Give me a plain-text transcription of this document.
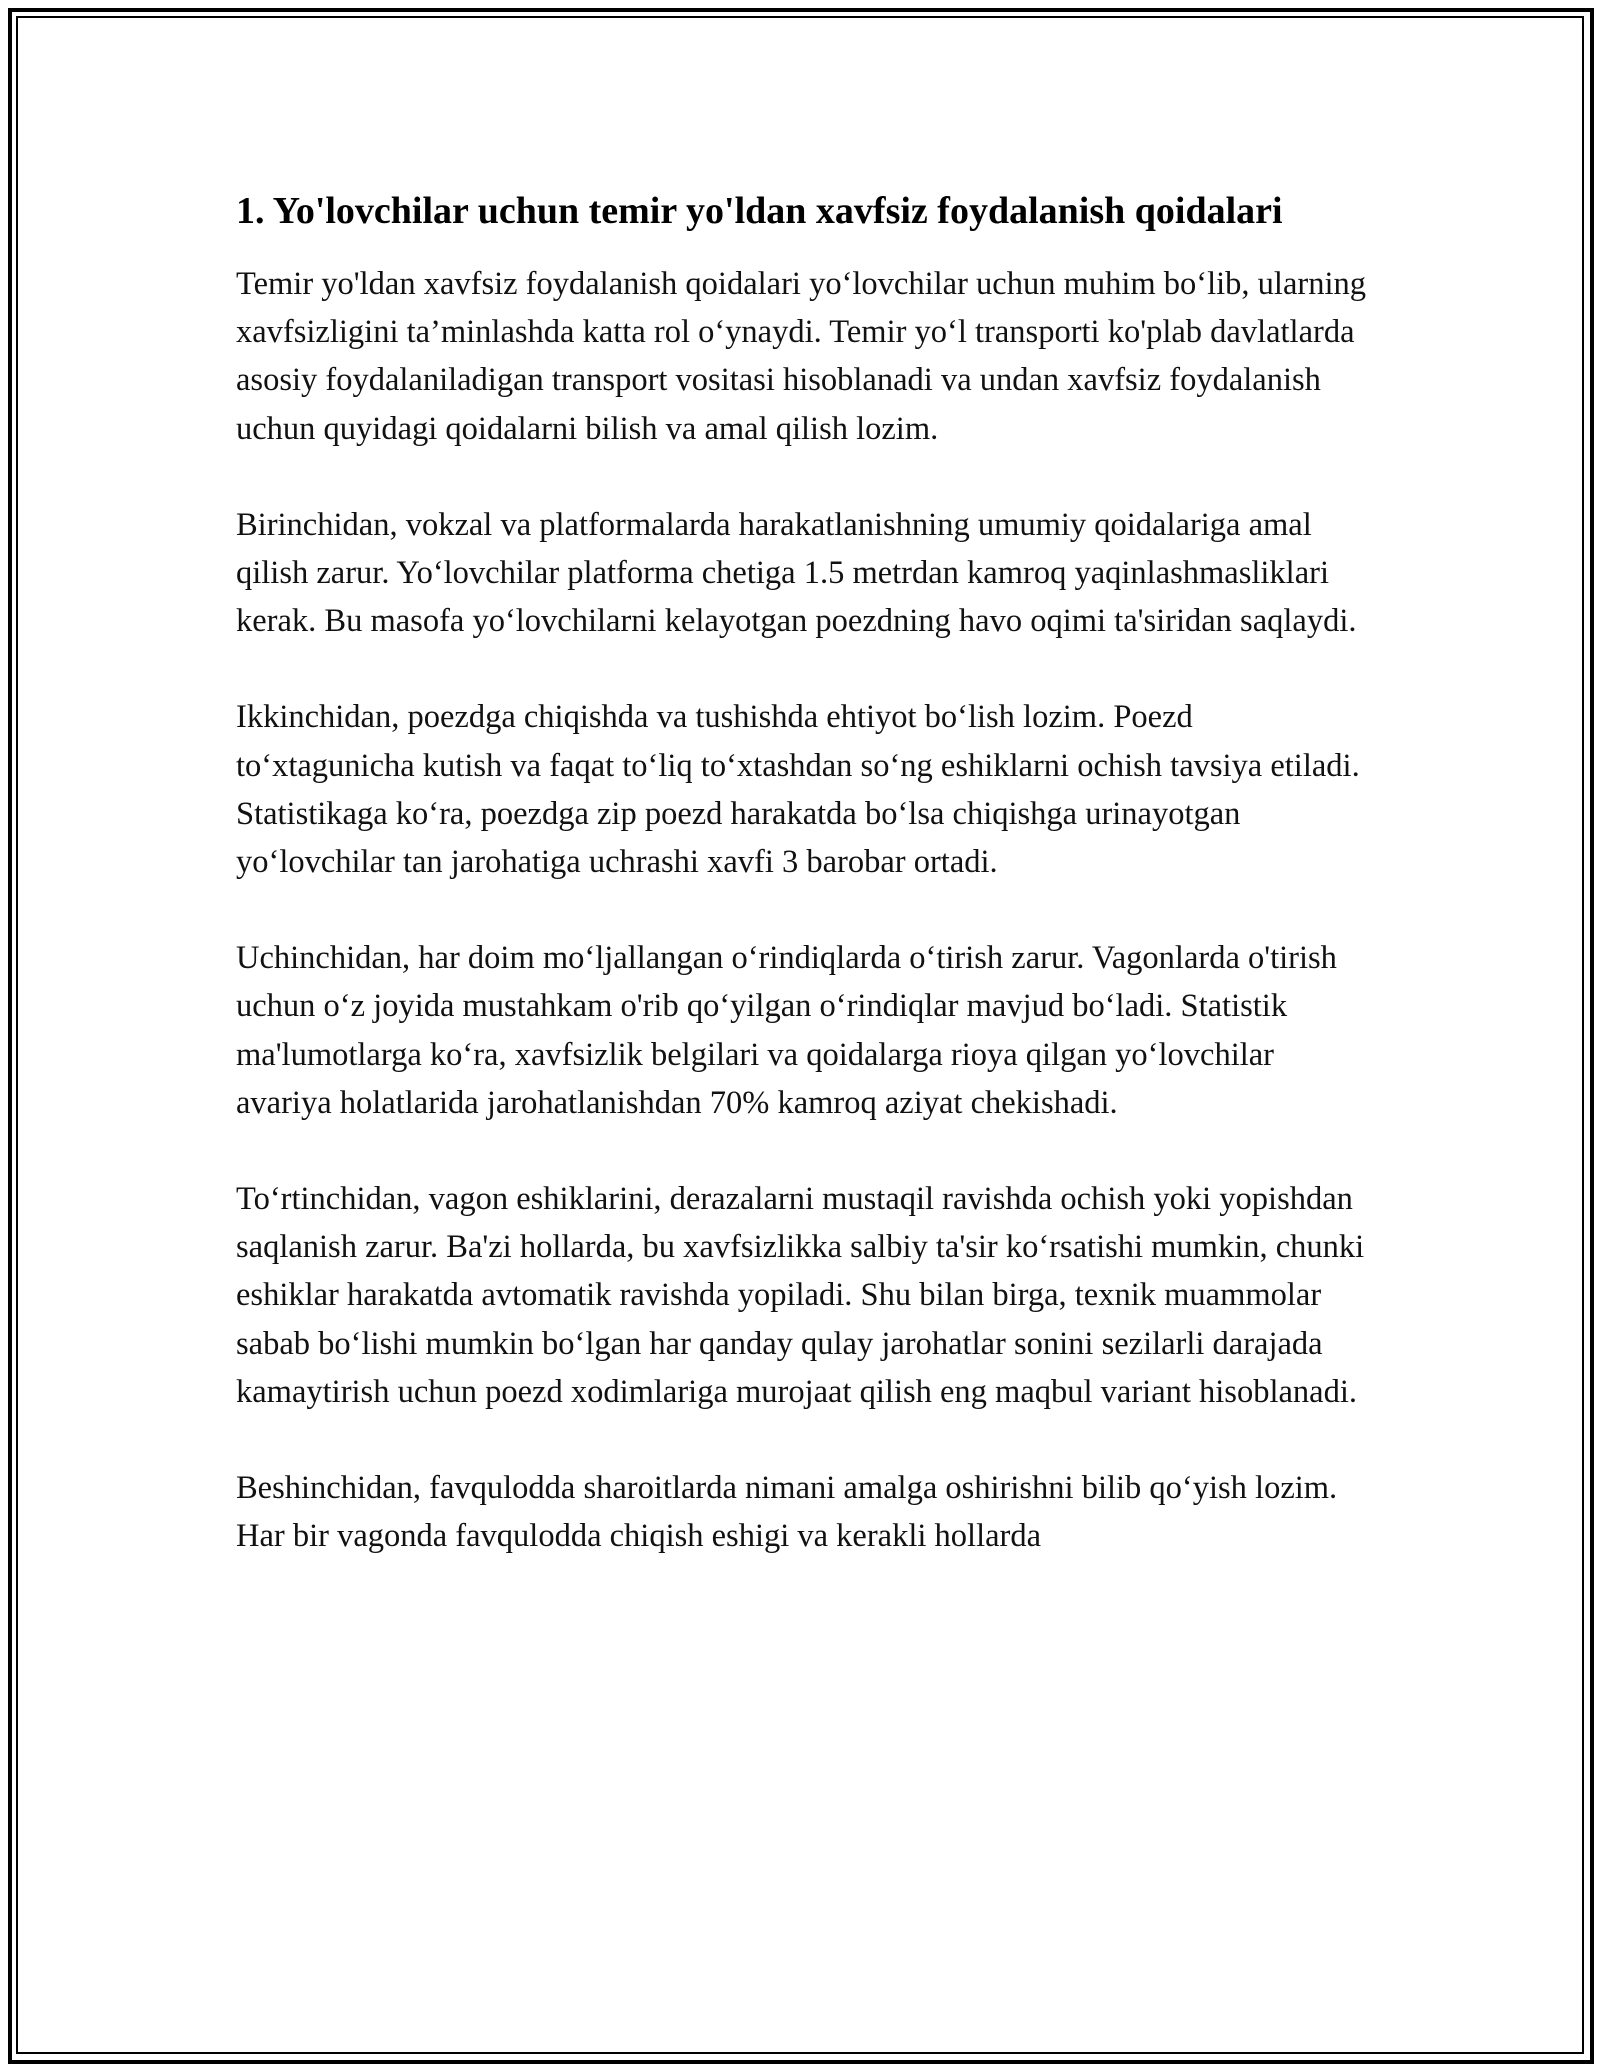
1. Yo'lovchilar uchun temir yo'ldan xavfsiz foydalanish qoidalari

Temir yo'ldan xavfsiz foydalanish qoidalari yo‘lovchilar uchun muhim bo‘lib, ularning xavfsizligini ta’minlashda katta rol o‘ynaydi. Temir yo‘l transporti ko'plab davlatlarda asosiy foydalaniladigan transport vositasi hisoblanadi va undan xavfsiz foydalanish uchun quyidagi qoidalarni bilish va amal qilish lozim.

Birinchidan, vokzal va platformalarda harakatlanishning umumiy qoidalariga amal qilish zarur. Yo‘lovchilar platforma chetiga 1.5 metrdan kamroq yaqinlashmasliklari kerak. Bu masofa yo‘lovchilarni kelayotgan poezdning havo oqimi ta'siridan saqlaydi.

Ikkinchidan, poezdga chiqishda va tushishda ehtiyot bo‘lish lozim. Poezd to‘xtagunicha kutish va faqat to‘liq to‘xtashdan so‘ng eshiklarni ochish tavsiya etiladi. Statistikaga ko‘ra, poezdga zip poezd harakatda bo‘lsa chiqishga urinayotgan yo‘lovchilar tan jarohatiga uchrashi xavfi 3 barobar ortadi.

Uchinchidan, har doim mo‘ljallangan o‘rindiqlarda o‘tirish zarur. Vagonlarda o'tirish uchun o‘z joyida mustahkam o'rib qo‘yilgan o‘rindiqlar mavjud bo‘ladi. Statistik ma'lumotlarga ko‘ra, xavfsizlik belgilari va qoidalarga rioya qilgan yo‘lovchilar avariya holatlarida jarohatlanishdan 70% kamroq aziyat chekishadi.

To‘rtinchidan, vagon eshiklarini, derazalarni mustaqil ravishda ochish yoki yopishdan saqlanish zarur. Ba'zi hollarda, bu xavfsizlikka salbiy ta'sir ko‘rsatishi mumkin, chunki eshiklar harakatda avtomatik ravishda yopiladi. Shu bilan birga, texnik muammolar sabab bo‘lishi mumkin bo‘lgan har qanday qulay jarohatlar sonini sezilarli darajada kamaytirish uchun poezd xodimlariga murojaat qilish eng maqbul variant hisoblanadi.

Beshinchidan, favqulodda sharoitlarda nimani amalga oshirishni bilib qo‘yish lozim. Har bir vagonda favqulodda chiqish eshigi va kerakli hollarda
